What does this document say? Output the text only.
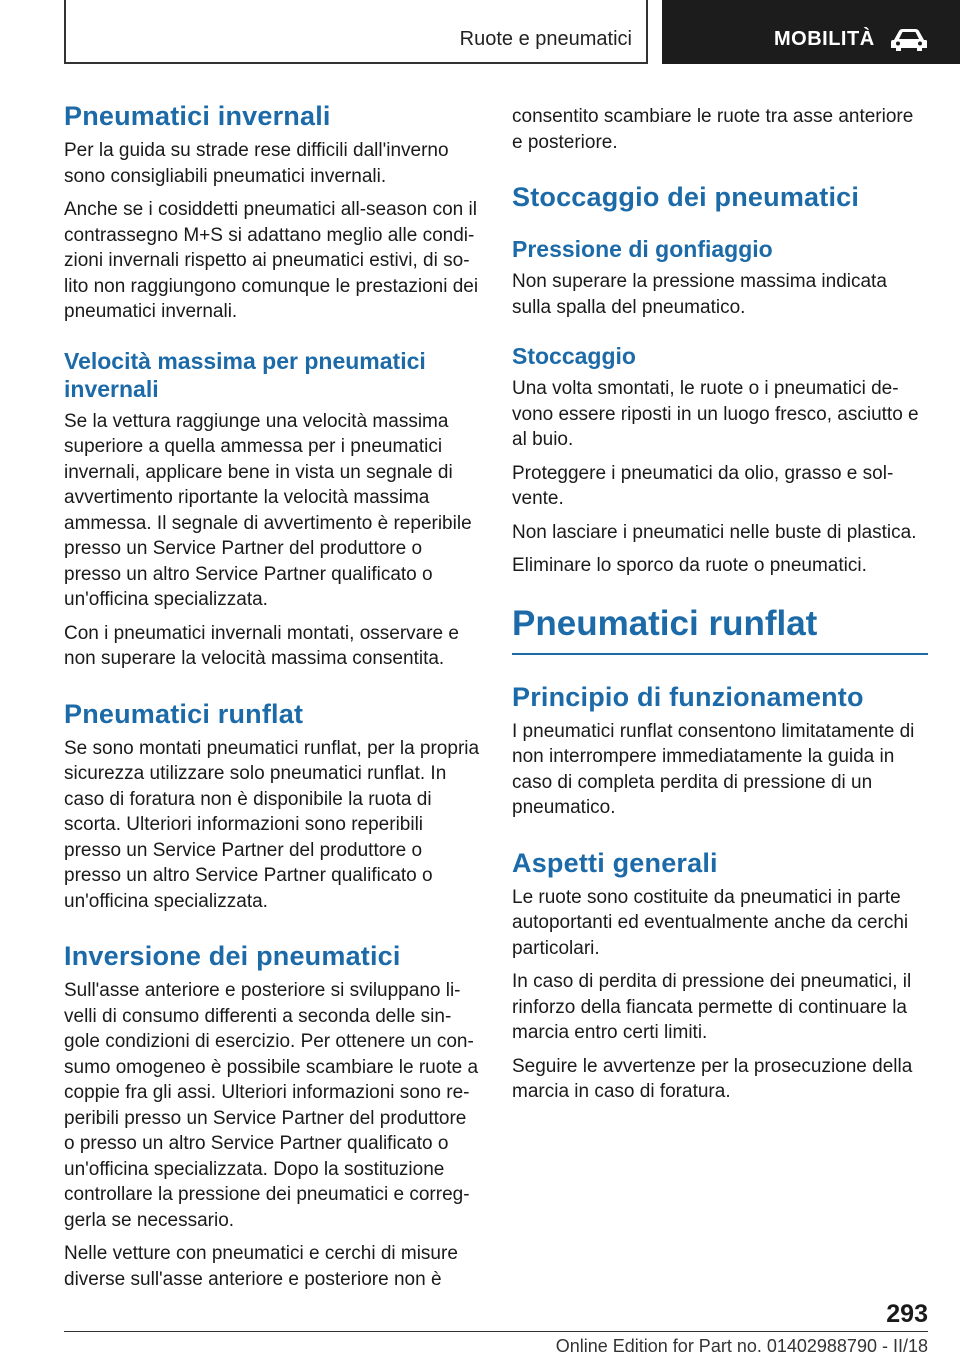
Ruote e pneumatici	MOBILITÀ
Pneumatici invernali

Per la guida su strade rese difficili dall'inverno sono consigliabili pneumatici invernali.

Anche se i cosiddetti pneumatici all-season con il contrassegno M+S si adattano meglio alle condizioni invernali rispetto ai pneumatici estivi, di solito non raggiungono comunque le prestazioni dei pneumatici invernali.

Velocità massima per pneumatici invernali

Se la vettura raggiunge una velocità massima superiore a quella ammessa per i pneumatici invernali, applicare bene in vista un segnale di avvertimento riportante la velocità massima ammessa. Il segnale di avvertimento è reperibile presso un Service Partner del produttore o presso un altro Service Partner qualificato o un'officina specializzata.

Con i pneumatici invernali montati, osservare e non superare la velocità massima consentita.

Pneumatici runflat

Se sono montati pneumatici runflat, per la propria sicurezza utilizzare solo pneumatici runflat. In caso di foratura non è disponibile la ruota di scorta. Ulteriori informazioni sono reperibili presso un Service Partner del produttore o presso un altro Service Partner qualificato o un'officina specializzata.

Inversione dei pneumatici

Sull'asse anteriore e posteriore si sviluppano livelli di consumo differenti a seconda delle singole condizioni di esercizio. Per ottenere un consumo omogeneo è possibile scambiare le ruote a coppie fra gli assi. Ulteriori informazioni sono reperibili presso un Service Partner del produttore o presso un altro Service Partner qualificato o un'officina specializzata. Dopo la sostituzione controllare la pressione dei pneumatici e correggerla se necessario.

Nelle vetture con pneumatici e cerchi di misure diverse sull'asse anteriore e posteriore non è

consentito scambiare le ruote tra asse anteriore e posteriore.

Stoccaggio dei pneumatici
Pressione di gonfiaggio

Non superare la pressione massima indicata sulla spalla del pneumatico.

Stoccaggio

Una volta smontati, le ruote o i pneumatici devono essere riposti in un luogo fresco, asciutto e al buio.

Proteggere i pneumatici da olio, grasso e solvente.

Non lasciare i pneumatici nelle buste di plastica.

Eliminare lo sporco da ruote o pneumatici.

Pneumatici runflat
Principio di funzionamento

I pneumatici runflat consentono limitatamente di non interrompere immediatamente la guida in caso di completa perdita di pressione di un pneumatico.

Aspetti generali

Le ruote sono costituite da pneumatici in parte autoportanti ed eventualmente anche da cerchi particolari.

In caso di perdita di pressione dei pneumatici, il rinforzo della fiancata permette di continuare la marcia entro certi limiti.

Seguire le avvertenze per la prosecuzione della marcia in caso di foratura.

293
Online Edition for Part no. 01402988790 - II/18
